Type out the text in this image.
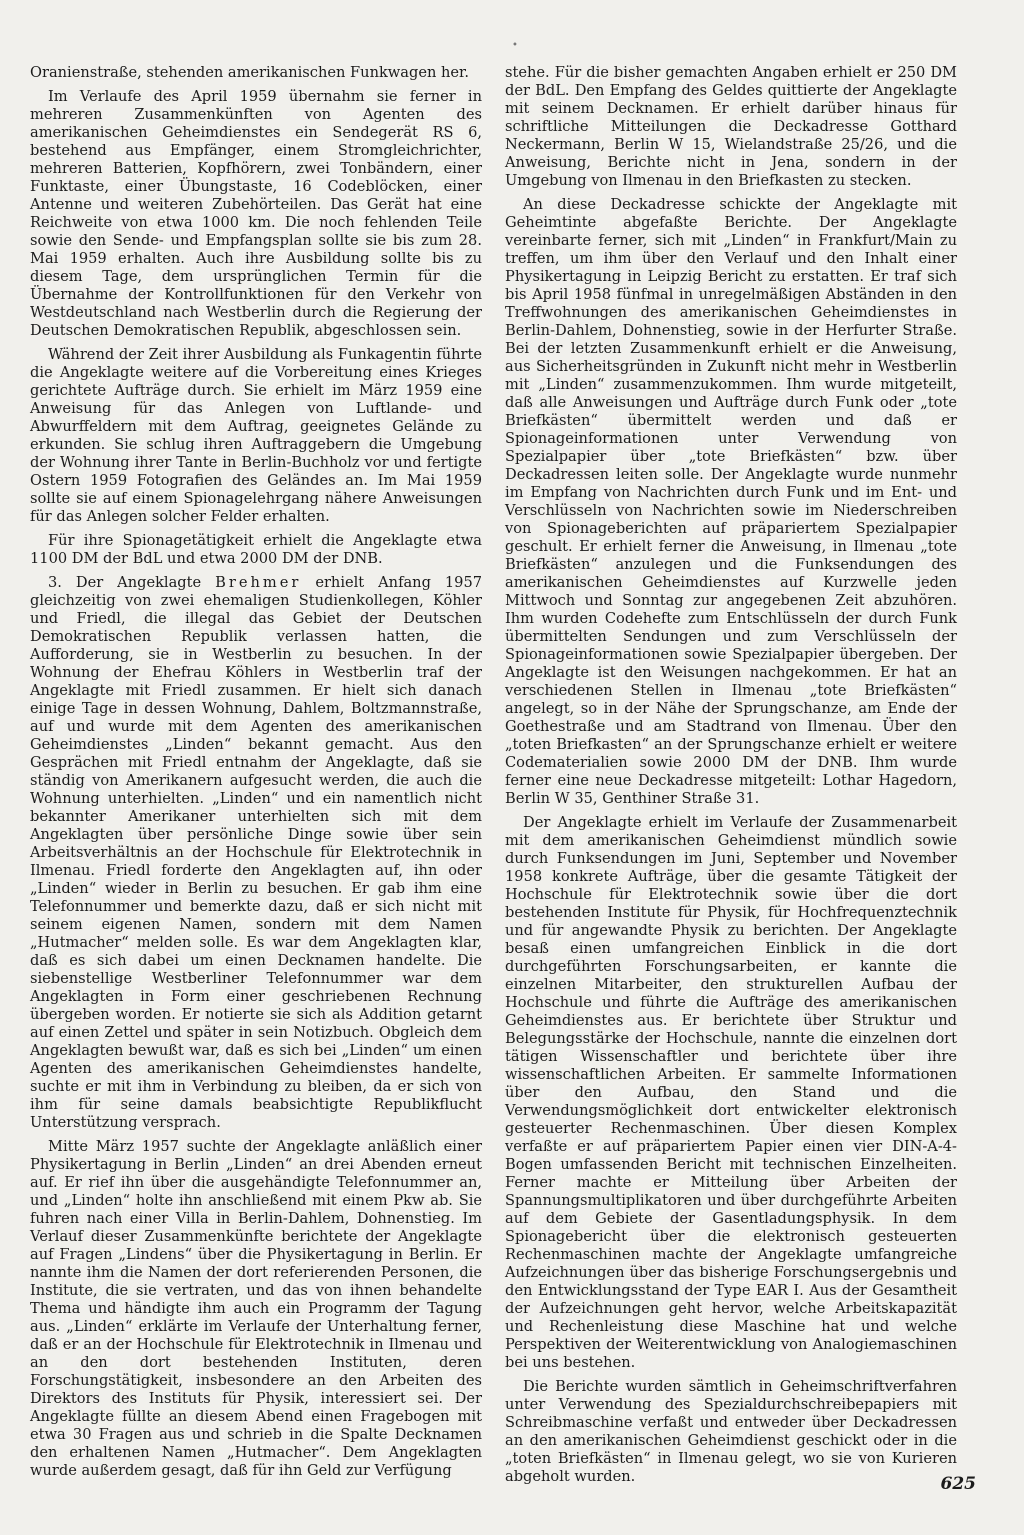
•

Oranienstraße, stehenden amerikanischen Funkwagen her.

Im Verlaufe des April 1959 übernahm sie ferner in mehreren Zusammenkünften von Agenten des amerikanischen Geheimdienstes ein Sendegerät RS 6, bestehend aus Empfänger, einem Stromgleichrichter, mehreren Batterien, Kopfhörern, zwei Tonbändern, einer Funktaste, einer Übungstaste, 16 Codeblöcken, einer Antenne und weiteren Zubehörteilen. Das Gerät hat eine Reichweite von etwa 1000 km. Die noch fehlenden Teile sowie den Sende- und Empfangsplan sollte sie bis zum 28. Mai 1959 erhalten. Auch ihre Ausbildung sollte bis zu diesem Tage, dem ursprünglichen Termin für die Übernahme der Kontrollfunktionen für den Verkehr von Westdeutschland nach Westberlin durch die Regierung der Deutschen Demokratischen Republik, abgeschlossen sein.

Während der Zeit ihrer Ausbildung als Funkagentin führte die Angeklagte weitere auf die Vorbereitung eines Krieges gerichtete Aufträge durch. Sie erhielt im März 1959 eine Anweisung für das Anlegen von Luftlande- und Abwurffeldern mit dem Auftrag, geeignetes Gelände zu erkunden. Sie schlug ihren Auftraggebern die Umgebung der Wohnung ihrer Tante in Berlin-Buchholz vor und fertigte Ostern 1959 Fotografien des Geländes an. Im Mai 1959 sollte sie auf einem Spionagelehrgang nähere Anweisungen für das Anlegen solcher Felder erhalten.

Für ihre Spionagetätigkeit erhielt die Angeklagte etwa 1100 DM der BdL und etwa 2000 DM der DNB.

3. Der Angeklagte Brehmer erhielt Anfang 1957 gleichzeitig von zwei ehemaligen Studienkollegen, Köhler und Friedl, die illegal das Gebiet der Deutschen Demokratischen Republik verlassen hatten, die Aufforderung, sie in Westberlin zu besuchen. In der Wohnung der Ehefrau Köhlers in Westberlin traf der Angeklagte mit Friedl zusammen. Er hielt sich danach einige Tage in dessen Wohnung, Dahlem, Boltzmannstraße, auf und wurde mit dem Agenten des amerikanischen Geheimdienstes „Linden“ bekannt gemacht. Aus den Gesprächen mit Friedl entnahm der Angeklagte, daß sie ständig von Amerikanern aufgesucht werden, die auch die Wohnung unterhielten. „Linden“ und ein namentlich nicht bekannter Amerikaner unterhielten sich mit dem Angeklagten über persönliche Dinge sowie über sein Arbeitsverhältnis an der Hochschule für Elektrotechnik in Ilmenau. Friedl forderte den Angeklagten auf, ihn oder „Linden“ wieder in Berlin zu besuchen. Er gab ihm eine Telefonnummer und bemerkte dazu, daß er sich nicht mit seinem eigenen Namen, sondern mit dem Namen „Hutmacher“ melden solle. Es war dem Angeklagten klar, daß es sich dabei um einen Decknamen handelte. Die siebenstellige Westberliner Telefonnummer war dem Angeklagten in Form einer geschriebenen Rechnung übergeben worden. Er notierte sie sich als Addition getarnt auf einen Zettel und später in sein Notizbuch. Obgleich dem Angeklagten bewußt war, daß es sich bei „Linden“ um einen Agenten des amerikanischen Geheimdienstes handelte, suchte er mit ihm in Verbindung zu bleiben, da er sich von ihm für seine damals beabsichtigte Republikflucht Unterstützung versprach.

Mitte März 1957 suchte der Angeklagte anläßlich einer Physikertagung in Berlin „Linden“ an drei Abenden erneut auf. Er rief ihn über die ausgehändigte Telefonnummer an, und „Linden“ holte ihn anschließend mit einem Pkw ab. Sie fuhren nach einer Villa in Berlin-Dahlem, Dohnenstieg. Im Verlauf dieser Zusammenkünfte berichtete der Angeklagte auf Fragen „Lindens“ über die Physikertagung in Berlin. Er nannte ihm die Namen der dort referierenden Personen, die Institute, die sie vertraten, und das von ihnen behandelte Thema und händigte ihm auch ein Programm der Tagung aus. „Linden“ erklärte im Verlaufe der Unterhaltung ferner, daß er an der Hochschule für Elektrotechnik in Ilmenau und an den dort bestehenden Instituten, deren Forschungstätigkeit, insbesondere an den Arbeiten des Direktors des Instituts für Physik, interessiert sei. Der Angeklagte füllte an diesem Abend einen Fragebogen mit etwa 30 Fragen aus und schrieb in die Spalte Decknamen den erhaltenen Namen „Hutmacher“. Dem Angeklagten wurde außerdem gesagt, daß für ihn Geld zur Verfügung

stehe. Für die bisher gemachten Angaben erhielt er 250 DM der BdL. Den Empfang des Geldes quittierte der Angeklagte mit seinem Decknamen. Er erhielt darüber hinaus für schriftliche Mitteilungen die Deckadresse Gotthard Neckermann, Berlin W 15, Wielandstraße 25/26, und die Anweisung, Berichte nicht in Jena, sondern in der Umgebung von Ilmenau in den Briefkasten zu stecken.

An diese Deckadresse schickte der Angeklagte mit Geheimtinte abgefaßte Berichte. Der Angeklagte vereinbarte ferner, sich mit „Linden“ in Frankfurt/Main zu treffen, um ihm über den Verlauf und den Inhalt einer Physikertagung in Leipzig Bericht zu erstatten. Er traf sich bis April 1958 fünfmal in unregelmäßigen Abständen in den Treffwohnungen des amerikanischen Geheimdienstes in Berlin-Dahlem, Dohnenstieg, sowie in der Herfurter Straße. Bei der letzten Zusammenkunft erhielt er die Anweisung, aus Sicherheitsgründen in Zukunft nicht mehr in Westberlin mit „Linden“ zusammenzukommen. Ihm wurde mitgeteilt, daß alle Anweisungen und Aufträge durch Funk oder „tote Briefkästen“ übermittelt werden und daß er Spionageinformationen unter Verwendung von Spezialpapier über „tote Briefkästen“ bzw. über Deckadressen leiten solle. Der Angeklagte wurde nunmehr im Empfang von Nachrichten durch Funk und im Ent- und Verschlüsseln von Nachrichten sowie im Niederschreiben von Spionageberichten auf präpariertem Spezialpapier geschult. Er erhielt ferner die Anweisung, in Ilmenau „tote Briefkästen“ anzulegen und die Funksendungen des amerikanischen Geheimdienstes auf Kurzwelle jeden Mittwoch und Sonntag zur angegebenen Zeit abzuhören. Ihm wurden Codehefte zum Entschlüsseln der durch Funk übermittelten Sendungen und zum Verschlüsseln der Spionageinformationen sowie Spezialpapier übergeben. Der Angeklagte ist den Weisungen nachgekommen. Er hat an verschiedenen Stellen in Ilmenau „tote Briefkästen“ angelegt, so in der Nähe der Sprungschanze, am Ende der Goethestraße und am Stadtrand von Ilmenau. Über den „toten Briefkasten“ an der Sprungschanze erhielt er weitere Codematerialien sowie 2000 DM der DNB. Ihm wurde ferner eine neue Deckadresse mitgeteilt: Lothar Hagedorn, Berlin W 35, Genthiner Straße 31.

Der Angeklagte erhielt im Verlaufe der Zusammenarbeit mit dem amerikanischen Geheimdienst mündlich sowie durch Funksendungen im Juni, September und November 1958 konkrete Aufträge, über die gesamte Tätigkeit der Hochschule für Elektrotechnik sowie über die dort bestehenden Institute für Physik, für Hochfrequenztechnik und für angewandte Physik zu berichten. Der Angeklagte besaß einen umfangreichen Einblick in die dort durchgeführten Forschungsarbeiten, er kannte die einzelnen Mitarbeiter, den strukturellen Aufbau der Hochschule und führte die Aufträge des amerikanischen Geheimdienstes aus. Er berichtete über Struktur und Belegungsstärke der Hochschule, nannte die einzelnen dort tätigen Wissenschaftler und berichtete über ihre wissenschaftlichen Arbeiten. Er sammelte Informationen über den Aufbau, den Stand und die Verwendungsmöglichkeit dort entwickelter elektronisch gesteuerter Rechenmaschinen. Über diesen Komplex verfaßte er auf präpariertem Papier einen vier DIN-A-4-Bogen umfassenden Bericht mit technischen Einzelheiten. Ferner machte er Mitteilung über Arbeiten der Spannungsmultiplikatoren und über durchgeführte Arbeiten auf dem Gebiete der Gasentladungsphysik. In dem Spionagebericht über die elektronisch gesteuerten Rechenmaschinen machte der Angeklagte umfangreiche Aufzeichnungen über das bisherige Forschungsergebnis und den Entwicklungsstand der Type EAR I. Aus der Gesamtheit der Aufzeichnungen geht hervor, welche Arbeitskapazität und Rechenleistung diese Maschine hat und welche Perspektiven der Weiterentwicklung von Analogiemaschinen bei uns bestehen.

Die Berichte wurden sämtlich in Geheimschriftverfahren unter Verwendung des Spezialdurchschreibepapiers mit Schreibmaschine verfaßt und entweder über Deckadressen an den amerikanischen Geheimdienst geschickt oder in die „toten Briefkästen“ in Ilmenau gelegt, wo sie von Kurieren abgeholt wurden.	625
